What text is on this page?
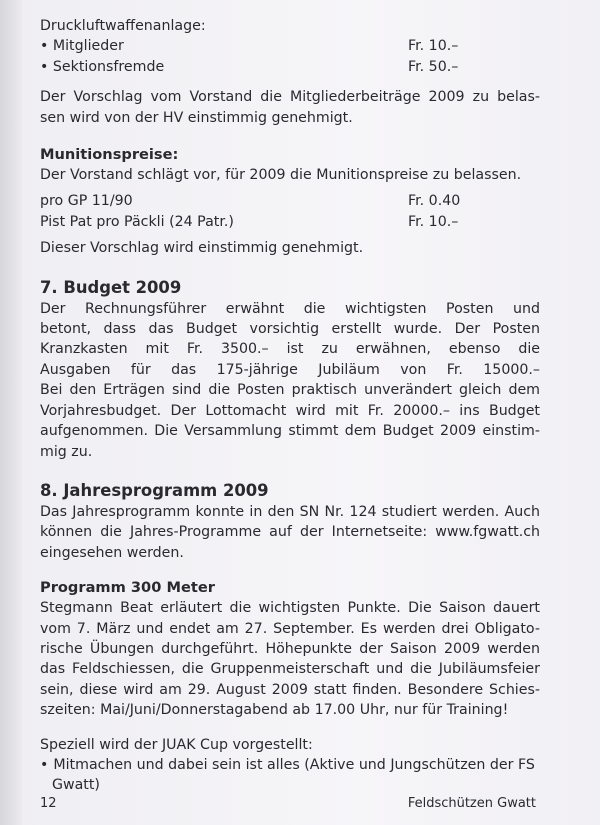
Druckluftwaffenanlage:
• Mitglieder	Fr. 10.–
• Sektionsfremde	Fr. 50.–
Der Vorschlag vom Vorstand die Mitgliederbeiträge 2009 zu belas-
sen wird von der HV einstimmig genehmigt.
Munitionspreise:
Der Vorstand schlägt vor, für 2009 die Munitionspreise zu belassen.
pro GP 11/90	Fr. 0.40
Pist Pat pro Päckli (24 Patr.)	Fr. 10.–
Dieser Vorschlag wird einstimmig genehmigt.
7. Budget 2009
Der Rechnungsführer erwähnt die wichtigsten Posten und
betont, dass das Budget vorsichtig erstellt wurde. Der Posten
Kranzkasten mit Fr. 3500.– ist zu erwähnen, ebenso die
Ausgaben für das 175-jährige Jubiläum von Fr. 15000.–
Bei den Erträgen sind die Posten praktisch unverändert gleich dem
Vorjahresbudget. Der Lottomacht wird mit Fr. 20000.– ins Budget
aufgenommen. Die Versammlung stimmt dem Budget 2009 einstim-
mig zu.
8. Jahresprogramm 2009
Das Jahresprogramm konnte in den SN Nr. 124 studiert werden. Auch
können die Jahres-Programme auf der Internetseite: www.fgwatt.ch
eingesehen werden.
Programm 300 Meter
Stegmann Beat erläutert die wichtigsten Punkte. Die Saison dauert
vom 7. März und endet am 27. September. Es werden drei Obligato-
rische Übungen durchgeführt. Höhepunkte der Saison 2009 werden
das Feldschiessen, die Gruppenmeisterschaft und die Jubiläumsfeier
sein, diese wird am 29. August 2009 statt finden. Besondere Schies-
szeiten: Mai/Juni/Donnerstagabend ab 17.00 Uhr, nur für Training!
Speziell wird der JUAK Cup vorgestellt:
• Mitmachen und dabei sein ist alles (Aktive und Jungschützen der FS
Gwatt)
12	Feldschützen Gwatt
